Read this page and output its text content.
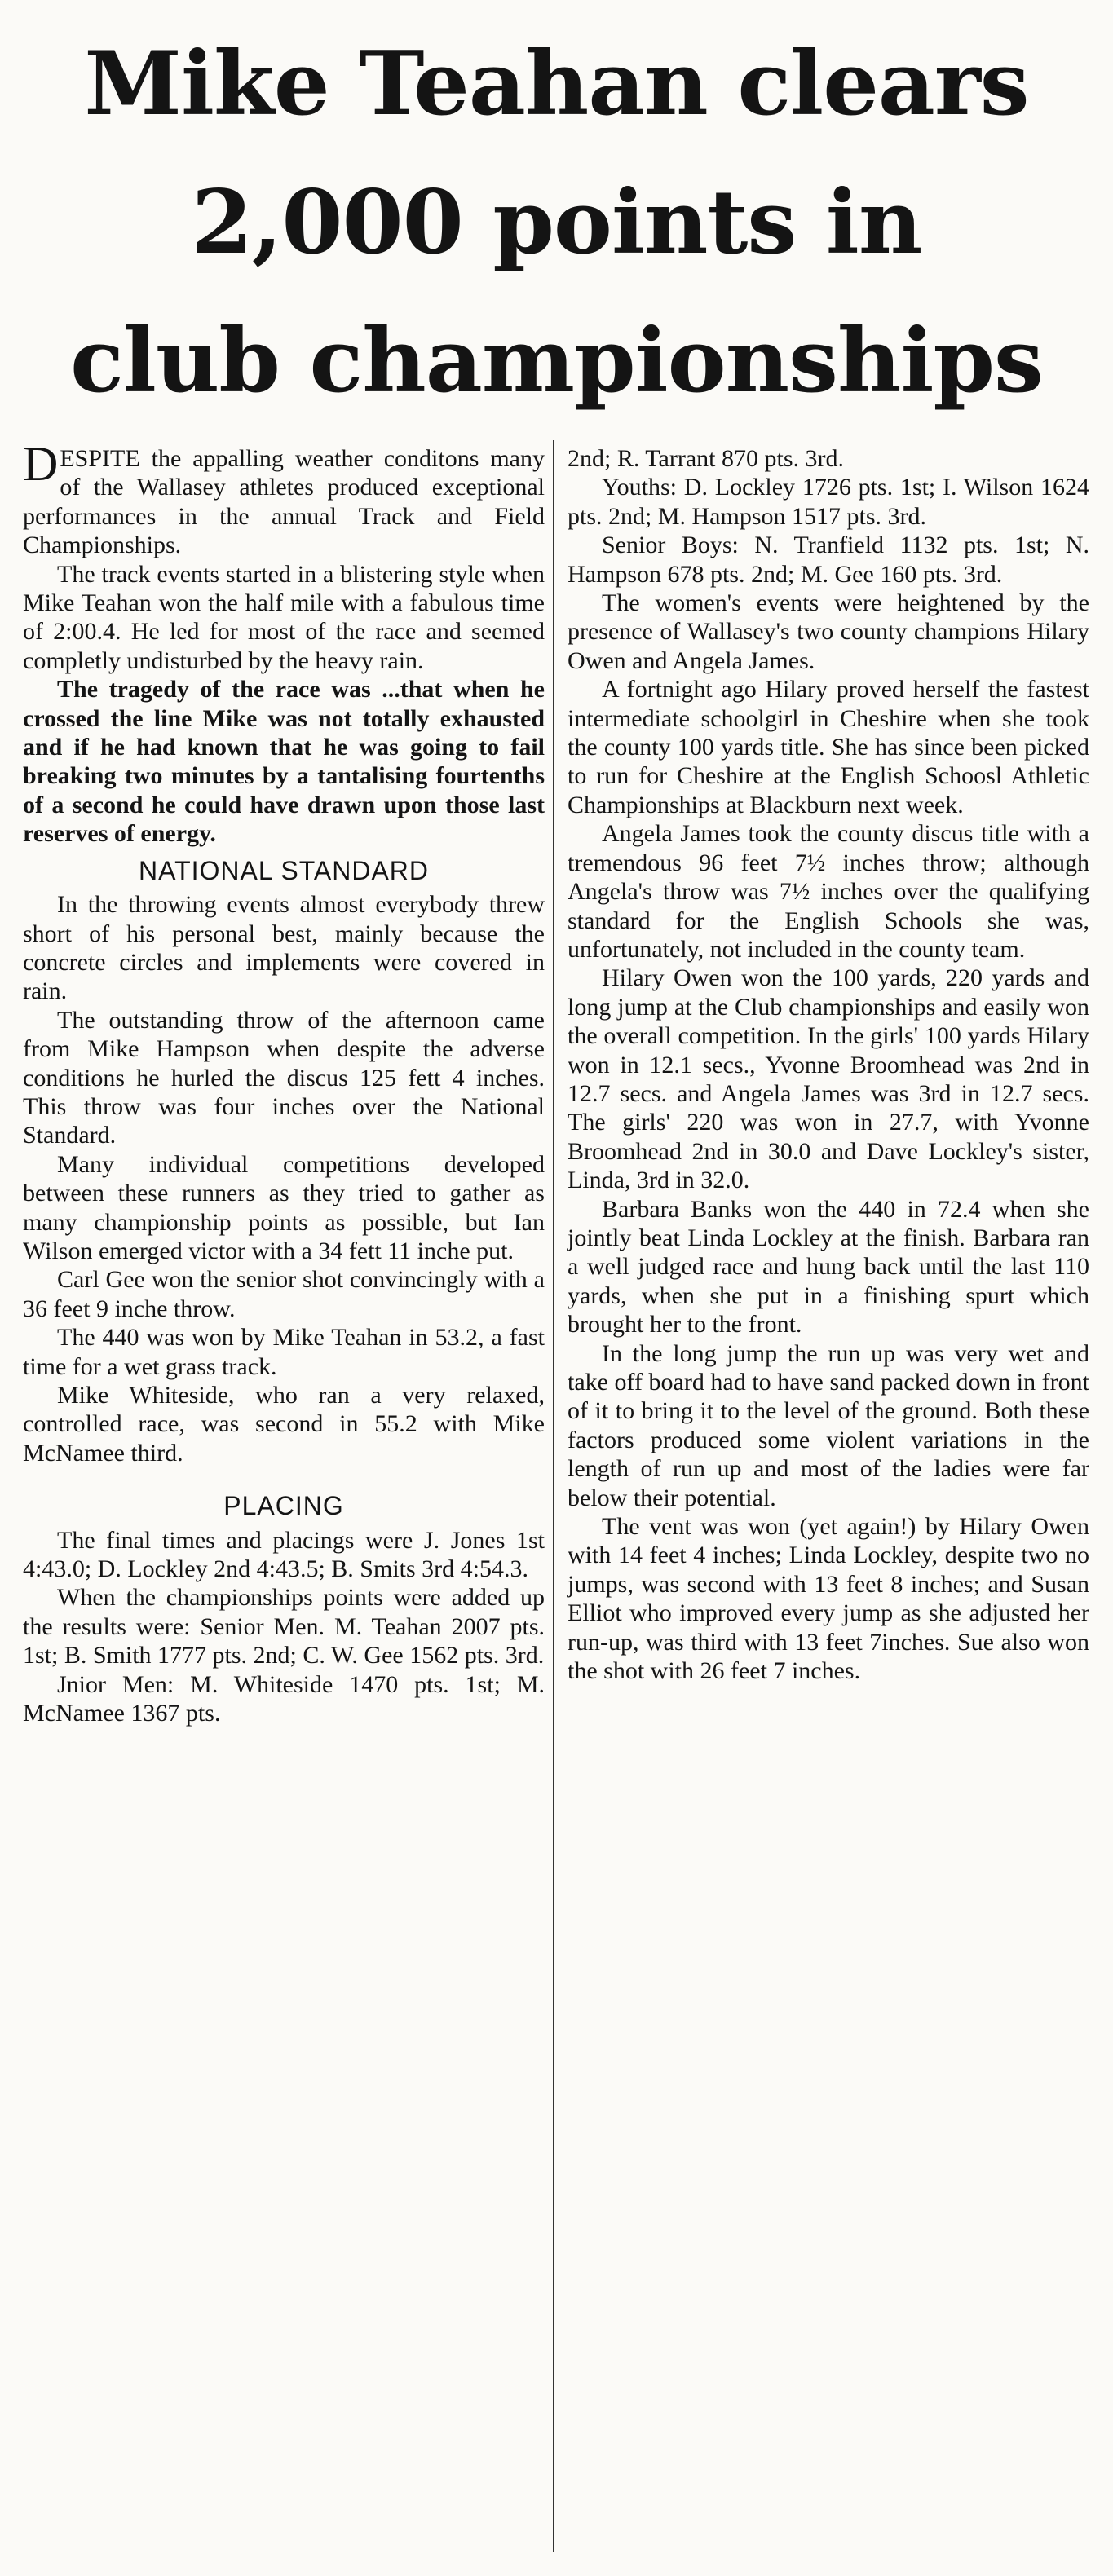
Mike Teahan clears
2,000 points in
club championships

DESPITE the appalling weather conditons many of the Wallasey athletes produced exceptional performances in the annual Track and Field Championships.

The track events started in a blistering style when Mike Teahan won the half mile with a fabulous time of 2:00.4. He led for most of the race and seemed completly undisturbed by the heavy rain.

The tragedy of the race was ...that when he crossed the line Mike was not totally exhausted and if he had known that he was going to fail breaking two minutes by a tantalising fourtenths of a second he could have drawn upon those last reserves of energy.

NATIONAL STANDARD

In the throwing events almost everybody threw short of his personal best, mainly because the concrete circles and implements were covered in rain.

The outstanding throw of the afternoon came from Mike Hampson when despite the adverse conditions he hurled the discus 125 fett 4 inches. This throw was four inches over the National Standard.

Many individual competitions developed between these runners as they tried to gather as many championship points as possible, but Ian Wilson emerged victor with a 34 fett 11 inche put.

Carl Gee won the senior shot convincingly with a 36 feet 9 inche throw.

The 440 was won by Mike Teahan in 53.2, a fast time for a wet grass track.

Mike Whiteside, who ran a very relaxed, controlled race, was second in 55.2 with Mike McNamee third.

PLACING

The final times and placings were J. Jones 1st 4:43.0; D. Lockley 2nd 4:43.5; B. Smits 3rd 4:54.3.

When the championships points were added up the results were: Senior Men. M. Teahan 2007 pts. 1st; B. Smith 1777 pts. 2nd; C. W. Gee 1562 pts. 3rd.

Jnior Men: M. Whiteside 1470 pts. 1st; M. McNamee 1367 pts.

2nd; R. Tarrant 870 pts. 3rd.

Youths: D. Lockley 1726 pts. 1st; I. Wilson 1624 pts. 2nd; M. Hampson 1517 pts. 3rd.

Senior Boys: N. Tranfield 1132 pts. 1st; N. Hampson 678 pts. 2nd; M. Gee 160 pts. 3rd.

The women's events were heightened by the presence of Wallasey's two county champions Hilary Owen and Angela James.

A fortnight ago Hilary proved herself the fastest intermediate schoolgirl in Cheshire when she took the county 100 yards title. She has since been picked to run for Cheshire at the English Schoosl Athletic Championships at Blackburn next week.

Angela James took the county discus title with a tremendous 96 feet 7½ inches throw; although Angela's throw was 7½ inches over the qualifying standard for the English Schools she was, unfortunately, not included in the county team.

Hilary Owen won the 100 yards, 220 yards and long jump at the Club championships and easily won the overall competition. In the girls' 100 yards Hilary won in 12.1 secs., Yvonne Broomhead was 2nd in 12.7 secs. and Angela James was 3rd in 12.7 secs. The girls' 220 was won in 27.7, with Yvonne Broomhead 2nd in 30.0 and Dave Lockley's sister, Linda, 3rd in 32.0.

Barbara Banks won the 440 in 72.4 when she jointly beat Linda Lockley at the finish. Barbara ran a well judged race and hung back until the last 110 yards, when she put in a finishing spurt which brought her to the front.

In the long jump the run up was very wet and take off board had to have sand packed down in front of it to bring it to the level of the ground. Both these factors produced some violent variations in the length of run up and most of the ladies were far below their potential.

The vent was won (yet again!) by Hilary Owen with 14 feet 4 inches; Linda Lockley, despite two no jumps, was second with 13 feet 8 inches; and Susan Elliot who improved every jump as she adjusted her run-up, was third with 13 feet 7inches. Sue also won the shot with 26 feet 7 inches.
